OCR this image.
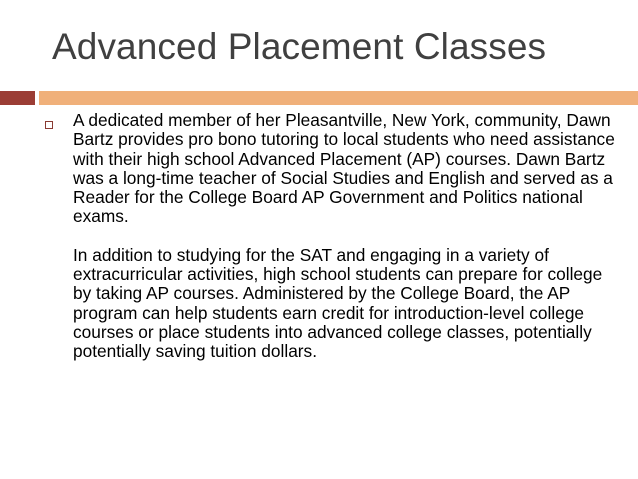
Advanced Placement Classes

A dedicated member of her Pleasantville, New York, community, Dawn Bartz provides pro bono tutoring to local students who need assistance with their high school Advanced Placement (AP) courses. Dawn Bartz was a long-time teacher of Social Studies and English and served as a Reader for the College Board AP Government and Politics national exams.

In addition to studying for the SAT and engaging in a variety of extracurricular activities, high school students can prepare for college by taking AP courses. Administered by the College Board, the AP program can help students earn credit for introduction-level college courses or place students into advanced college classes, potentially potentially saving tuition dollars.
